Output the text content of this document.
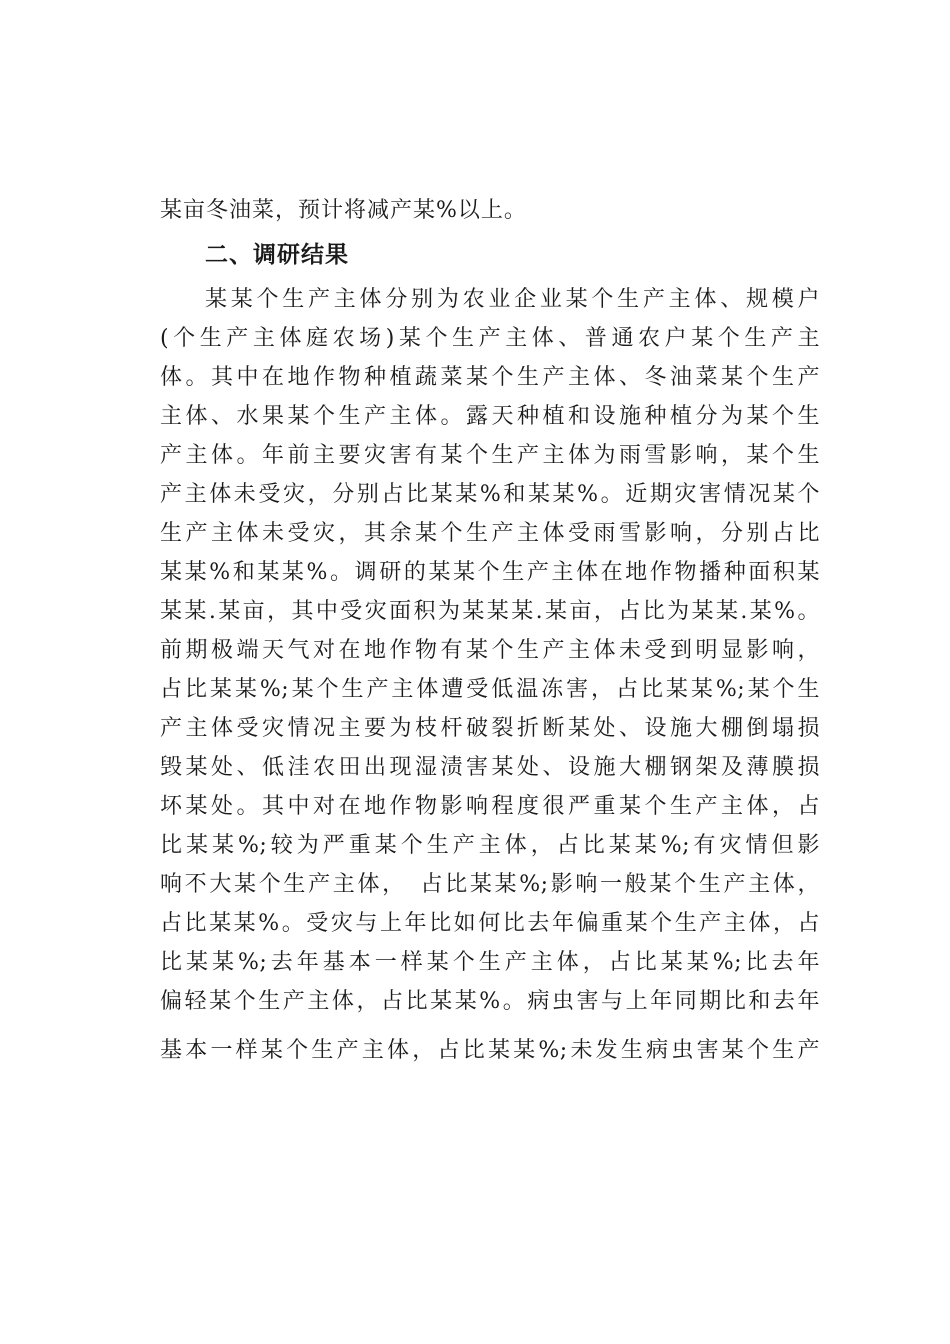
某亩冬油菜，预计将减产某%以上。
二、调研结果
某某个生产主体分别为农业企业某个生产主体、规模户
(个生产主体庭农场)某个生产主体、普通农户某个生产主
体。其中在地作物种植蔬菜某个生产主体、冬油菜某个生产
主体、水果某个生产主体。露天种植和设施种植分为某个生
产主体。年前主要灾害有某个生产主体为雨雪影响，某个生
产主体未受灾，分别占比某某%和某某%。近期灾害情况某个
生产主体未受灾，其余某个生产主体受雨雪影响，分别占比
某某%和某某%。调研的某某个生产主体在地作物播种面积某
某某.某亩，其中受灾面积为某某某.某亩，占比为某某.某%。
前期极端天气对在地作物有某个生产主体未受到明显影响，
占比某某%;某个生产主体遭受低温冻害，占比某某%;某个生
产主体受灾情况主要为枝杆破裂折断某处、设施大棚倒塌损
毁某处、低洼农田出现湿渍害某处、设施大棚钢架及薄膜损
坏某处。其中对在地作物影响程度很严重某个生产主体，占
比某某%;较为严重某个生产主体，占比某某%;有灾情但影
响不大某个生产主体，　占比某某%;影响一般某个生产主体，
占比某某%。受灾与上年比如何比去年偏重某个生产主体，占
比某某%;去年基本一样某个生产主体，占比某某%;比去年
偏轻某个生产主体，占比某某%。病虫害与上年同期比和去年
基本一样某个生产主体，占比某某%;未发生病虫害某个生产
